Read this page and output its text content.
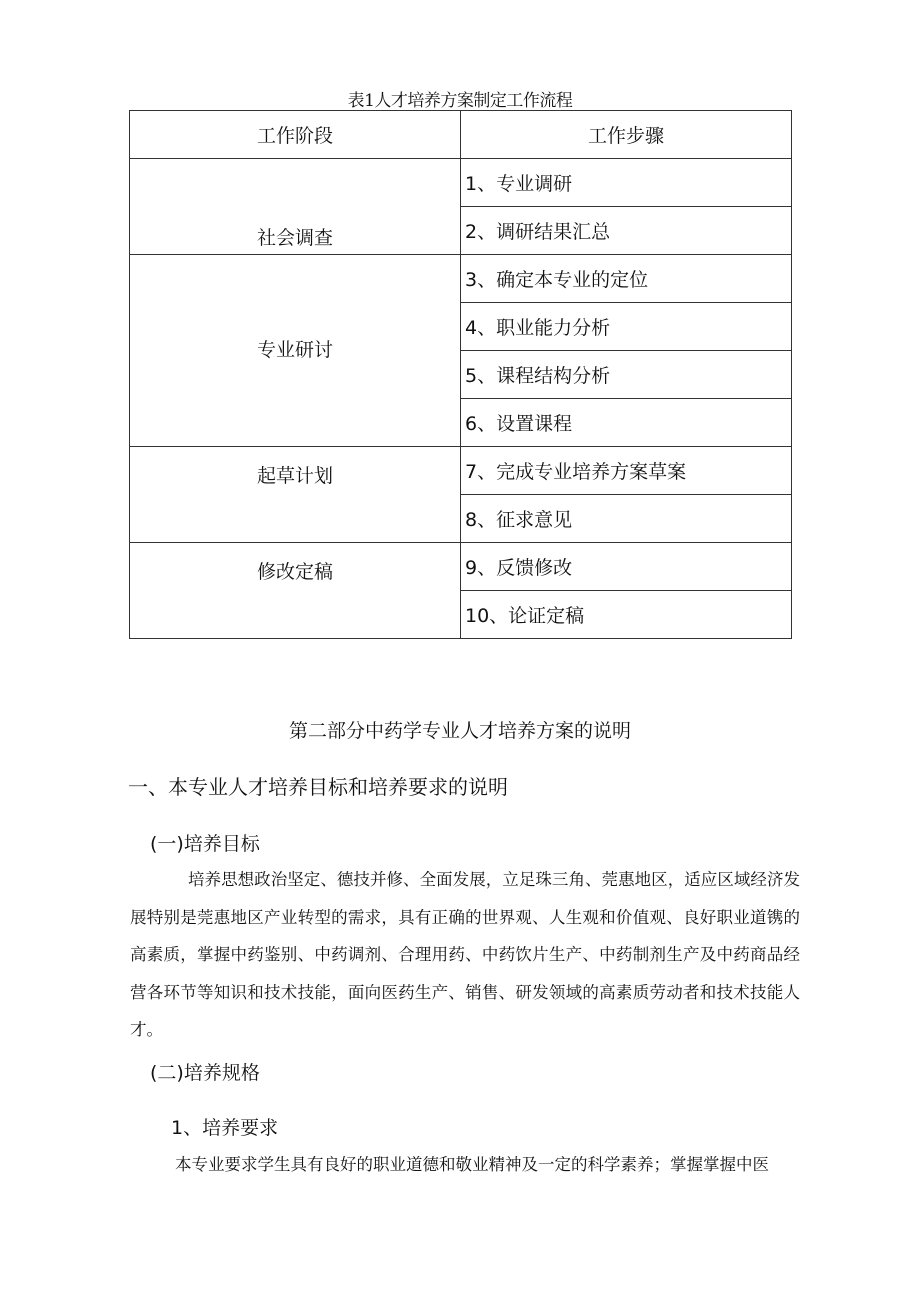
表1人才培养方案制定工作流程
工作阶段	工作步骤
社会调查	1、专业调研
	2、调研结果汇总
专业研讨	3、确定本专业的定位
	4、职业能力分析
	5、课程结构分析
	6、设置课程
起草计划	7、完成专业培养方案草案
	8、征求意见
修改定稿	9、反馈修改
	10、论证定稿
第二部分中药学专业人才培养方案的说明
一、本专业人才培养目标和培养要求的说明
(一)培养目标
培养思想政治坚定、德技并修、全面发展，立足珠三角、莞惠地区，适应区域经济发展特别是莞惠地区产业转型的需求，具有正确的世界观、人生观和价值观、良好职业道镌的高素质，掌握中药鉴别、中药调剂、合理用药、中药饮片生产、中药制剂生产及中药商品经营各环节等知识和技术技能，面向医药生产、销售、研发领域的高素质劳动者和技术技能人才。
(二)培养规格
1、培养要求
本专业要求学生具有良好的职业道德和敬业精神及一定的科学素养；掌握掌握中医
